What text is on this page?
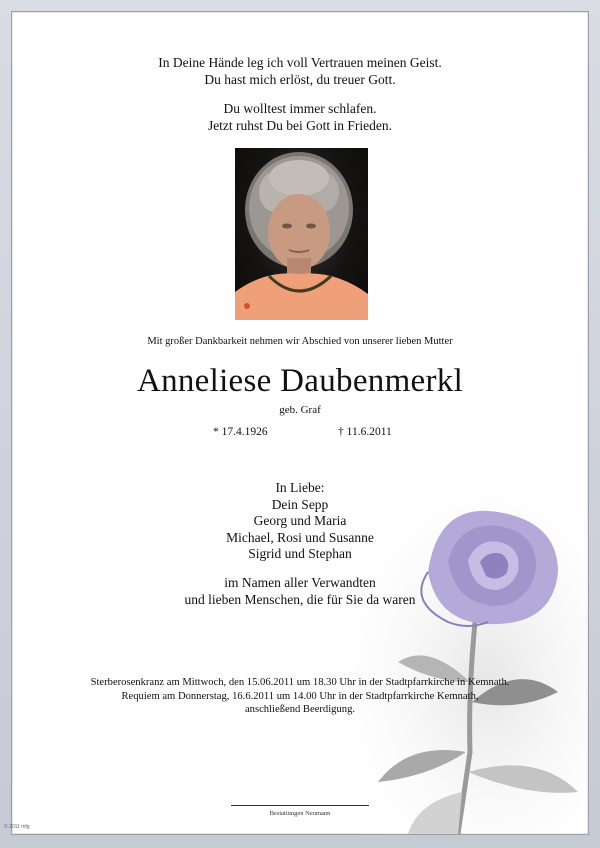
In Deine Hände leg ich voll Vertrauen meinen Geist.
Du hast mich erlöst, du treuer Gott.
Du wolltest immer schlafen.
Jetzt ruhst Du bei Gott in Frieden.
Mit großer Dankbarkeit nehmen wir Abschied von unserer lieben Mutter
Anneliese Daubenmerkl
geb. Graf
* 17.4.1926	† 11.6.2011
In Liebe:
Dein Sepp
Georg und Maria
Michael, Rosi und Susanne
Sigrid und Stephan
im Namen aller Verwandten
und lieben Menschen, die für Sie da waren
Sterberosenkranz am Mittwoch, den 15.06.2011 um 18.30 Uhr in der Stadtpfarrkirche in Kemnath.
Requiem am Donnerstag, 16.6.2011 um 14.00 Uhr in der Stadtpfarrkirche Kemnath,
anschließend Beerdigung.
Bestattungen Neumann
© 2011 mfg
